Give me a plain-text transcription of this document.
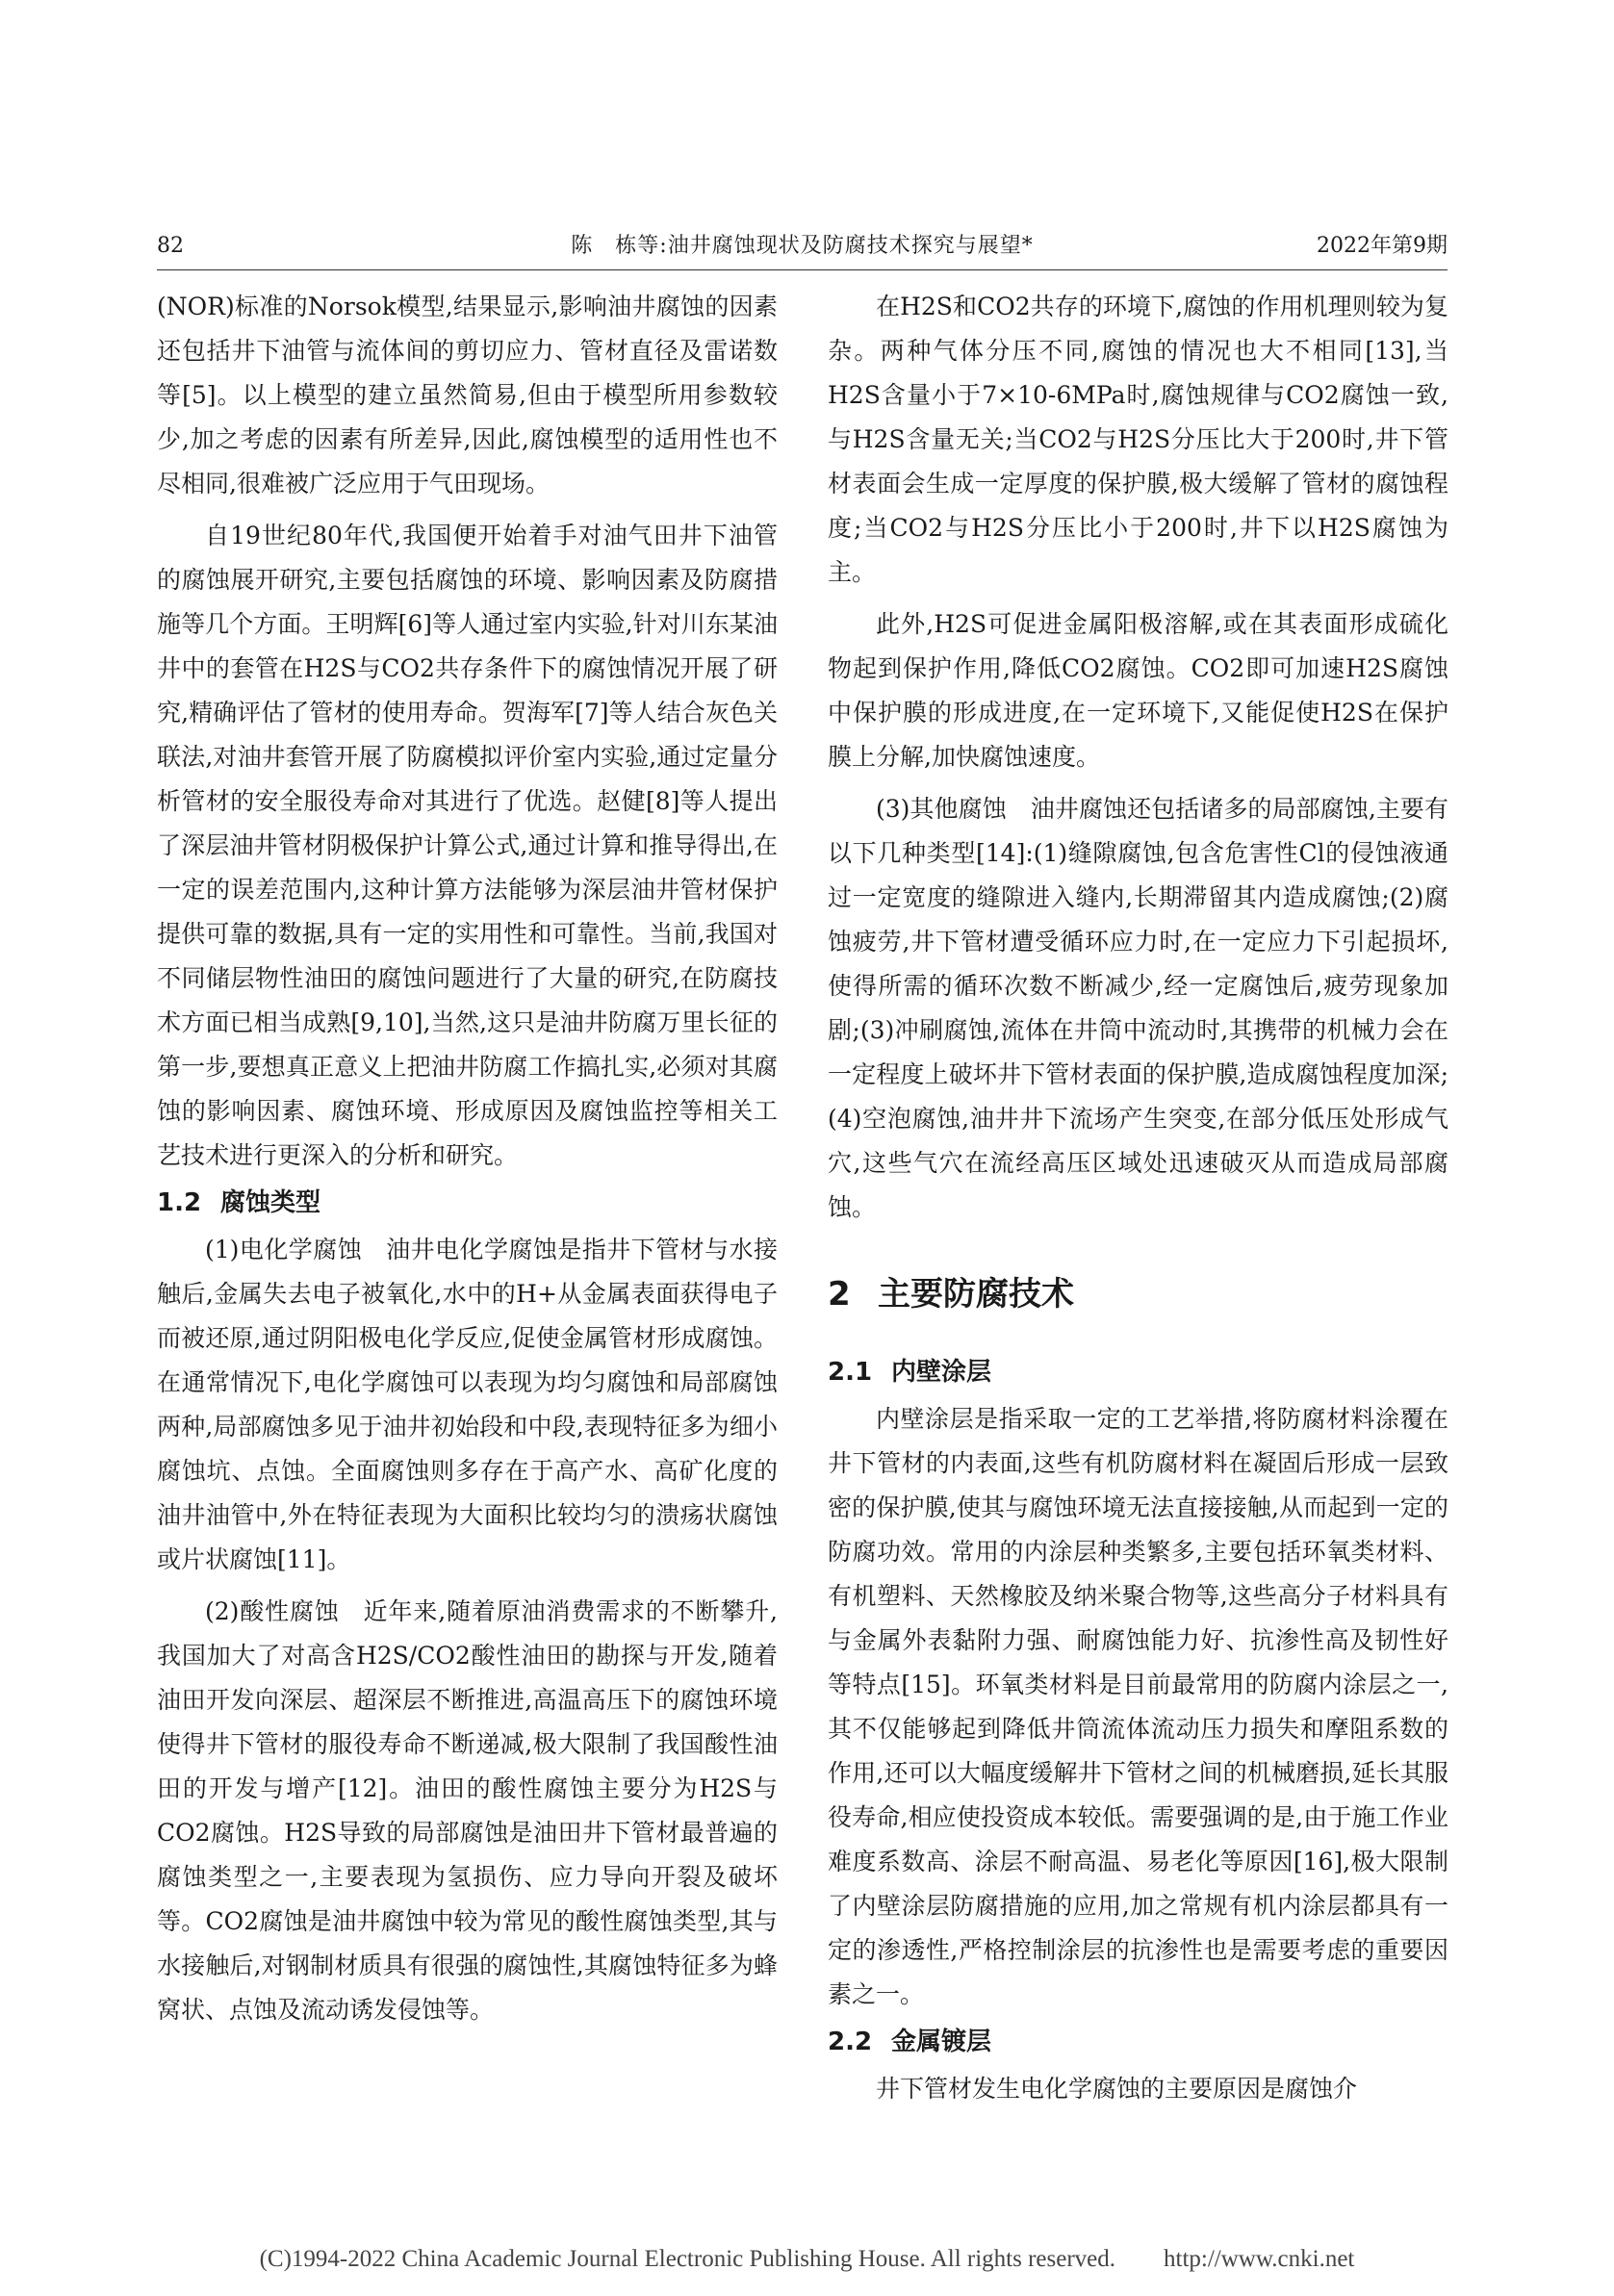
82	陈　栋等:油井腐蚀现状及防腐技术探究与展望*	2022年第9期

(NOR)标准的Norsok模型,结果显示,影响油井腐蚀的因素还包括井下油管与流体间的剪切应力、管材直径及雷诺数等[5]。以上模型的建立虽然简易,但由于模型所用参数较少,加之考虑的因素有所差异,因此,腐蚀模型的适用性也不尽相同,很难被广泛应用于气田现场。

自19世纪80年代,我国便开始着手对油气田井下油管的腐蚀展开研究,主要包括腐蚀的环境、影响因素及防腐措施等几个方面。王明辉[6]等人通过室内实验,针对川东某油井中的套管在H2S与CO2共存条件下的腐蚀情况开展了研究,精确评估了管材的使用寿命。贺海军[7]等人结合灰色关联法,对油井套管开展了防腐模拟评价室内实验,通过定量分析管材的安全服役寿命对其进行了优选。赵健[8]等人提出了深层油井管材阴极保护计算公式,通过计算和推导得出,在一定的误差范围内,这种计算方法能够为深层油井管材保护提供可靠的数据,具有一定的实用性和可靠性。当前,我国对不同储层物性油田的腐蚀问题进行了大量的研究,在防腐技术方面已相当成熟[9,10],当然,这只是油井防腐万里长征的第一步,要想真正意义上把油井防腐工作搞扎实,必须对其腐蚀的影响因素、腐蚀环境、形成原因及腐蚀监控等相关工艺技术进行更深入的分析和研究。

1.2 腐蚀类型

(1)电化学腐蚀 油井电化学腐蚀是指井下管材与水接触后,金属失去电子被氧化,水中的H+从金属表面获得电子而被还原,通过阴阳极电化学反应,促使金属管材形成腐蚀。在通常情况下,电化学腐蚀可以表现为均匀腐蚀和局部腐蚀两种,局部腐蚀多见于油井初始段和中段,表现特征多为细小腐蚀坑、点蚀。全面腐蚀则多存在于高产水、高矿化度的油井油管中,外在特征表现为大面积比较均匀的溃疡状腐蚀或片状腐蚀[11]。

(2)酸性腐蚀 近年来,随着原油消费需求的不断攀升,我国加大了对高含H2S/CO2酸性油田的勘探与开发,随着油田开发向深层、超深层不断推进,高温高压下的腐蚀环境使得井下管材的服役寿命不断递减,极大限制了我国酸性油田的开发与增产[12]。油田的酸性腐蚀主要分为H2S与CO2腐蚀。H2S导致的局部腐蚀是油田井下管材最普遍的腐蚀类型之一,主要表现为氢损伤、应力导向开裂及破坏等。CO2腐蚀是油井腐蚀中较为常见的酸性腐蚀类型,其与水接触后,对钢制材质具有很强的腐蚀性,其腐蚀特征多为蜂窝状、点蚀及流动诱发侵蚀等。

在H2S和CO2共存的环境下,腐蚀的作用机理则较为复杂。两种气体分压不同,腐蚀的情况也大不相同[13],当H2S含量小于7×10-6MPa时,腐蚀规律与CO2腐蚀一致,与H2S含量无关;当CO2与H2S分压比大于200时,井下管材表面会生成一定厚度的保护膜,极大缓解了管材的腐蚀程度;当CO2与H2S分压比小于200时,井下以H2S腐蚀为主。

此外,H2S可促进金属阳极溶解,或在其表面形成硫化物起到保护作用,降低CO2腐蚀。CO2即可加速H2S腐蚀中保护膜的形成进度,在一定环境下,又能促使H2S在保护膜上分解,加快腐蚀速度。

(3)其他腐蚀 油井腐蚀还包括诸多的局部腐蚀,主要有以下几种类型[14]:(1)缝隙腐蚀,包含危害性Cl的侵蚀液通过一定宽度的缝隙进入缝内,长期滞留其内造成腐蚀;(2)腐蚀疲劳,井下管材遭受循环应力时,在一定应力下引起损坏,使得所需的循环次数不断减少,经一定腐蚀后,疲劳现象加剧;(3)冲刷腐蚀,流体在井筒中流动时,其携带的机械力会在一定程度上破坏井下管材表面的保护膜,造成腐蚀程度加深;(4)空泡腐蚀,油井井下流场产生突变,在部分低压处形成气穴,这些气穴在流经高压区域处迅速破灭从而造成局部腐蚀。

2 主要防腐技术
2.1 内壁涂层

内壁涂层是指采取一定的工艺举措,将防腐材料涂覆在井下管材的内表面,这些有机防腐材料在凝固后形成一层致密的保护膜,使其与腐蚀环境无法直接接触,从而起到一定的防腐功效。常用的内涂层种类繁多,主要包括环氧类材料、有机塑料、天然橡胶及纳米聚合物等,这些高分子材料具有与金属外表黏附力强、耐腐蚀能力好、抗渗性高及韧性好等特点[15]。环氧类材料是目前最常用的防腐内涂层之一,其不仅能够起到降低井筒流体流动压力损失和摩阻系数的作用,还可以大幅度缓解井下管材之间的机械磨损,延长其服役寿命,相应使投资成本较低。需要强调的是,由于施工作业难度系数高、涂层不耐高温、易老化等原因[16],极大限制了内壁涂层防腐措施的应用,加之常规有机内涂层都具有一定的渗透性,严格控制涂层的抗渗性也是需要考虑的重要因素之一。

2.2 金属镀层

井下管材发生电化学腐蚀的主要原因是腐蚀介

(C)1994-2022 China Academic Journal Electronic Publishing House. All rights reserved.　　http://www.cnki.net
